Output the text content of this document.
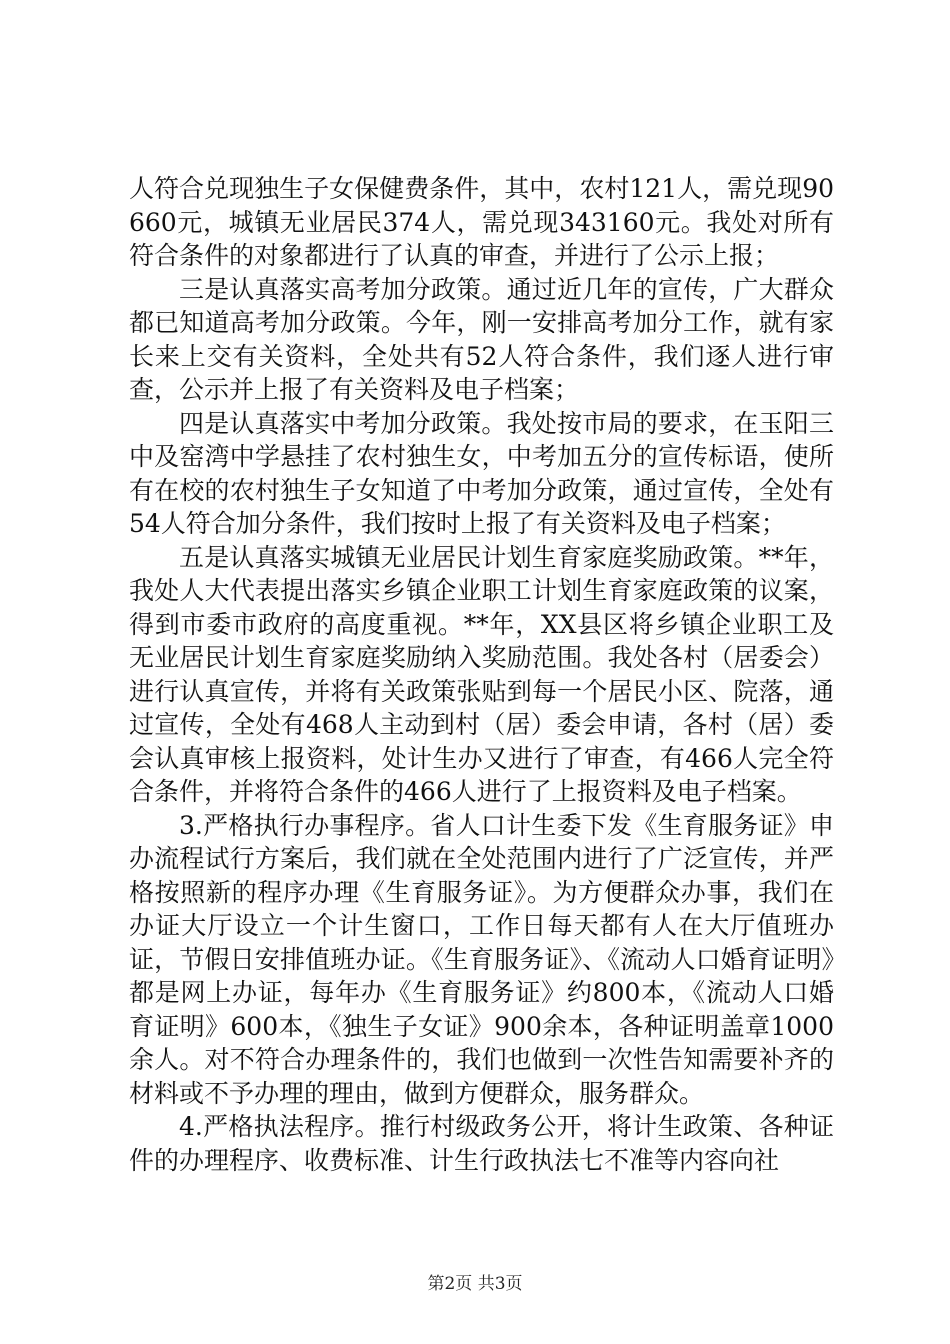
人符合兑现独生子女保健费条件，其中，农村121人，需兑现90660元，城镇无业居民374人，需兑现343160元。我处对所有符合条件的对象都进行了认真的审查，并进行了公示上报；

三是认真落实高考加分政策。通过近几年的宣传，广大群众都已知道高考加分政策。今年，刚一安排高考加分工作，就有家长来上交有关资料，全处共有52人符合条件，我们逐人进行审查，公示并上报了有关资料及电子档案；

四是认真落实中考加分政策。我处按市局的要求，在玉阳三中及窑湾中学悬挂了农村独生女，中考加五分的宣传标语，使所有在校的农村独生子女知道了中考加分政策，通过宣传，全处有54人符合加分条件，我们按时上报了有关资料及电子档案；

五是认真落实城镇无业居民计划生育家庭奖励政策。**年，我处人大代表提出落实乡镇企业职工计划生育家庭政策的议案，得到市委市政府的高度重视。**年，XX县区将乡镇企业职工及无业居民计划生育家庭奖励纳入奖励范围。我处各村（居委会）进行认真宣传，并将有关政策张贴到每一个居民小区、院落，通过宣传，全处有468人主动到村（居）委会申请，各村（居）委会认真审核上报资料，处计生办又进行了审查，有466人完全符合条件，并将符合条件的466人进行了上报资料及电子档案。

3.严格执行办事程序。省人口计生委下发《生育服务证》申办流程试行方案后，我们就在全处范围内进行了广泛宣传，并严格按照新的程序办理《生育服务证》。为方便群众办事，我们在办证大厅设立一个计生窗口，工作日每天都有人在大厅值班办证，节假日安排值班办证。《生育服务证》、《流动人口婚育证明》都是网上办证，每年办《生育服务证》约800本，《流动人口婚育证明》600本，《独生子女证》900余本，各种证明盖章1000余人。对不符合办理条件的，我们也做到一次性告知需要补齐的材料或不予办理的理由，做到方便群众，服务群众。

4.严格执法程序。推行村级政务公开，将计生政策、各种证件的办理程序、收费标准、计生行政执法七不准等内容向社

第2页 共3页
